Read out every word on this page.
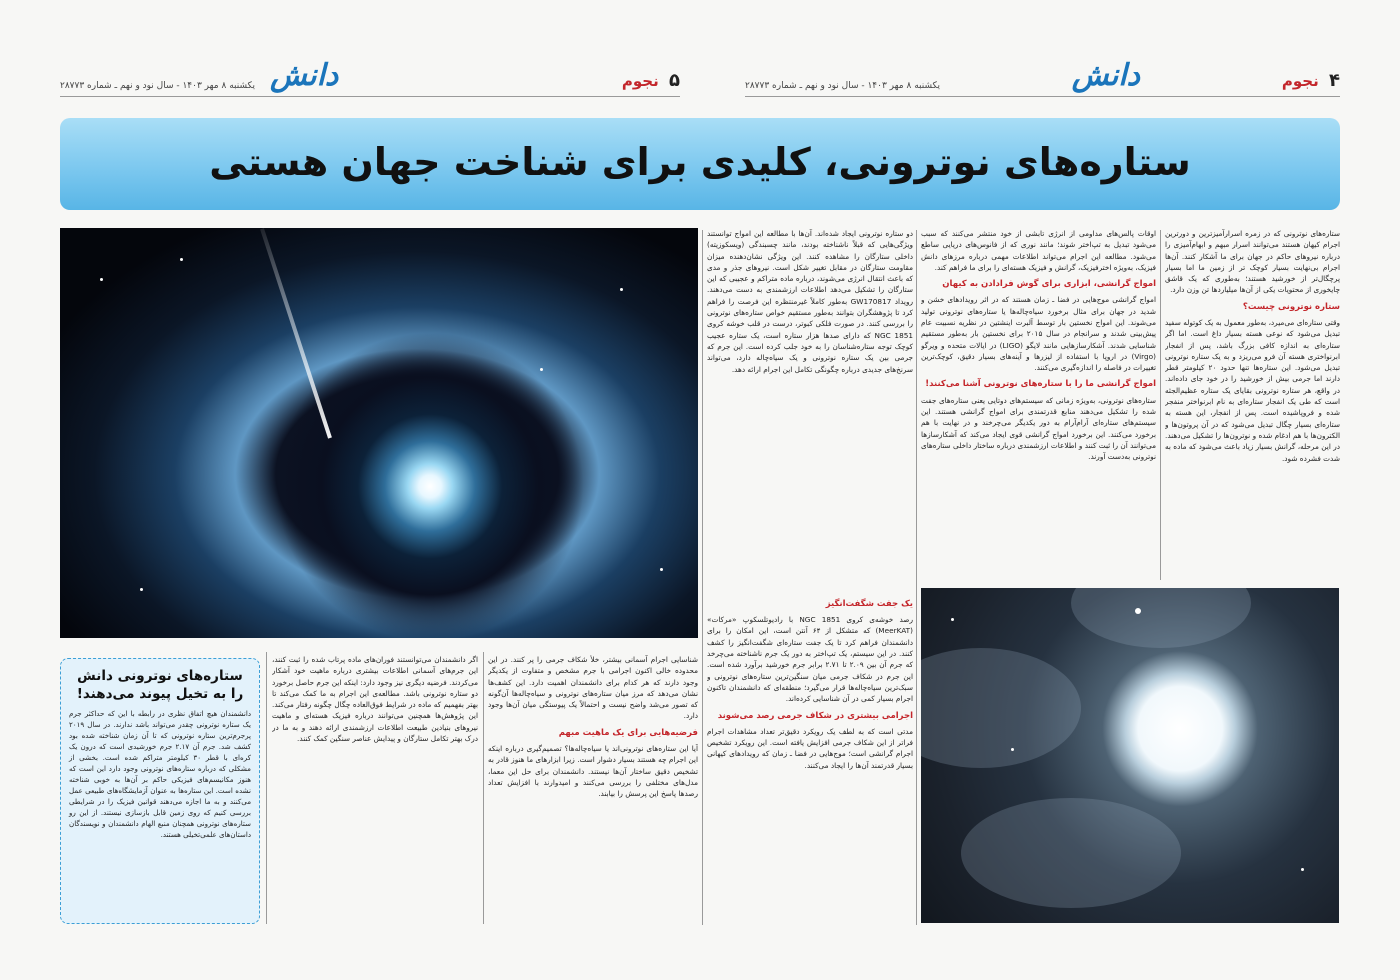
۵ نجوم
دانش
یکشنبه ۸ مهر ۱۴۰۳ - سال نود و نهم ـ شماره ۲۸۷۷۳	۴ نجوم
دانش
یکشنبه ۸ مهر ۱۴۰۳ - سال نود و نهم ـ شماره ۲۸۷۷۳
ستاره‌های نوترونی، کلیدی برای شناخت جهان هستی

ستاره‌های نوترونی که در زمره اسرارآمیزترین و دورترین اجرام کیهان هستند می‌توانند اسرار مبهم و ابهام‌آمیزی را درباره نیروهای حاکم در جهان برای ما آشکار کنند. آن‌ها اجرام بی‌نهایت بسیار کوچک تر از زمین ما اما بسیار پرچگال‌تر از خورشید هستند؛ به‌طوری که یک قاشق چایخوری از محتویات یکی از آن‌ها میلیاردها تن وزن دارد.

ستاره نوترونی چیست؟

وقتی ستاره‌ای می‌میرد، به‌طور معمول به یک کوتوله سفید تبدیل می‌شود که نوعی هسته بسیار داغ است. اما اگر ستاره‌ای به اندازه کافی بزرگ باشد، پس از انفجار ابرنواختری هسته آن فرو می‌ریزد و به یک ستاره نوترونی تبدیل می‌شود. این ستاره‌ها تنها حدود ۲۰ کیلومتر قطر دارند اما جرمی بیش از خورشید را در خود جای داده‌اند. در واقع، هر ستاره نوترونی بقایای یک ستاره عظیم‌الجثه است که طی یک انفجار ستاره‌ای به نام ابرنواختر منفجر شده و فروپاشیده است. پس از انفجار، این هسته به ستاره‌ای بسیار چگال تبدیل می‌شود که در آن پروتون‌ها و الکترون‌ها با هم ادغام شده و نوترون‌ها را تشکیل می‌دهند. در این مرحله، گرانش بسیار زیاد باعث می‌شود که ماده به شدت فشرده شود.

اوقات پالس‌های مداومی از انرژی تابشی از خود منتشر می‌کنند که سبب می‌شود تبدیل به تپ‌اختر شوند؛ مانند نوری که از فانوس‌های دریایی ساطع می‌شود. مطالعه این اجرام می‌تواند اطلاعات مهمی درباره مرزهای دانش فیزیک، به‌ویژه اخترفیزیک، گرانش و فیزیک هسته‌ای را برای ما فراهم کند.

امواج گرانشی، ابزاری برای گوش فرادادن به کیهان

امواج گرانشی موج‌هایی در فضا ـ زمان هستند که در اثر رویدادهای خشن و شدید در جهان برای مثال برخورد سیاه‌چاله‌ها یا ستاره‌های نوترونی تولید می‌شوند. این امواج نخستین بار توسط آلبرت اینشتین در نظریه نسبیت عام پیش‌بینی شدند و سرانجام در سال ۲۰۱۵ برای نخستین بار به‌طور مستقیم شناسایی شدند. آشکارسازهایی مانند لایگو (LIGO) در ایالات متحده و ویرگو (Virgo) در اروپا با استفاده از لیزرها و آینه‌های بسیار دقیق، کوچک‌ترین تغییرات در فاصله را اندازه‌گیری می‌کنند.

امواج گرانشی ما را با ستاره‌های نوترونی آشنا می‌کنند!

ستاره‌های نوترونی، به‌ویژه زمانی که سیستم‌های دوتایی یعنی ستاره‌های جفت شده را تشکیل می‌دهند منابع قدرتمندی برای امواج گرانشی هستند. این سیستم‌های ستاره‌ای آرام‌آرام به دور یکدیگر می‌چرخند و در نهایت با هم برخورد می‌کنند. این برخورد امواج گرانشی قوی ایجاد می‌کند که آشکارسازها می‌توانند آن را ثبت کنند و اطلاعات ارزشمندی درباره ساختار داخلی ستاره‌های نوترونی به‌دست آورند.

دو ستاره نوترونی ایجاد شده‌اند. آن‌ها با مطالعه این امواج توانستند ویژگی‌هایی که قبلاً ناشناخته بودند، مانند چسبندگی (ویسکوزیته) داخلی ستارگان را مشاهده کنند. این ویژگی نشان‌دهنده میزان مقاومت ستارگان در مقابل تغییر شکل است. نیروهای جذر و مدی که باعث انتقال انرژی می‌شوند، درباره ماده متراکم و عجیبی که این ستارگان را تشکیل می‌دهد اطلاعات ارزشمندی به دست می‌دهند. رویداد GW170817 به‌طور کاملاً غیرمنتظره این فرصت را فراهم کرد تا پژوهشگران بتوانند به‌طور مستقیم خواص ستاره‌های نوترونی را بررسی کنند. در صورت فلکی کبوتر، درست در قلب خوشه کروی NGC 1851 که دارای صدها هزار ستاره است، یک ستاره عجیب کوچک توجه ستاره‌شناسان را به خود جلب کرده است. این جرم که جرمی بین یک ستاره نوترونی و یک سیاه‌چاله دارد، می‌تواند سرنخ‌های جدیدی درباره چگونگی تکامل این اجرام ارائه دهد.

یک جفت شگفت‌انگیز

رصد خوشه‌ی کروی NGC 1851 با رادیوتلسکوپ «مرکات» (MeerKAT) که متشکل از ۶۴ آنتن است، این امکان را برای دانشمندان فراهم کرد تا یک جفت ستاره‌ای شگفت‌انگیز را کشف کنند. در این سیستم، یک تپ‌اختر به دور یک جرم ناشناخته می‌چرخد که جرم آن بین ۲.۰۹ تا ۲.۷۱ برابر جرم خورشید برآورد شده است. این جرم در شکاف جرمی میان سنگین‌ترین ستاره‌های نوترونی و سبک‌ترین سیاه‌چاله‌ها قرار می‌گیرد؛ منطقه‌ای که دانشمندان تاکنون اجرام بسیار کمی در آن شناسایی کرده‌اند.

اجرامی بیشتری در شکاف جرمی رصد می‌شوند

مدتی است که به لطف یک رویکرد دقیق‌تر تعداد مشاهدات اجرام فراتر از این شکاف جرمی افزایش یافته است. این رویکرد تشخیص اجرام گرانشی است؛ موج‌هایی در فضا ـ زمان که رویدادهای کیهانی بسیار قدرتمند آن‌ها را ایجاد می‌کنند.

شناسایی اجرام آسمانی بیشتر، خلأ شکاف جرمی را پر کنند. در این محدوده خالی اکنون اجرامی با جرم مشخص و متفاوت از یکدیگر وجود دارند که هر کدام برای دانشمندان اهمیت دارد. این کشف‌ها نشان می‌دهد که مرز میان ستاره‌های نوترونی و سیاه‌چاله‌ها آن‌گونه که تصور می‌شد واضح نیست و احتمالاً یک پیوستگی میان آن‌ها وجود دارد.

فرضیه‌هایی برای یک ماهیت مبهم

آیا این ستاره‌های نوترونی‌اند یا سیاه‌چاله‌ها؟ تصمیم‌گیری درباره اینکه این اجرام چه هستند بسیار دشوار است. زیرا ابزارهای ما هنوز قادر به تشخیص دقیق ساختار آن‌ها نیستند. دانشمندان برای حل این معما، مدل‌های مختلفی را بررسی می‌کنند و امیدوارند با افزایش تعداد رصدها پاسخ این پرسش را بیابند.

اگر دانشمندان می‌توانستند فوران‌های ماده پرتاب شده را ثبت کنند، این جرم‌های آسمانی اطلاعات بیشتری درباره ماهیت خود آشکار می‌کردند. فرضیه دیگری نیز وجود دارد: اینکه این جرم حاصل برخورد دو ستاره نوترونی باشد. مطالعه‌ی این اجرام به ما کمک می‌کند تا بهتر بفهمیم که ماده در شرایط فوق‌العاده چگال چگونه رفتار می‌کند. این پژوهش‌ها همچنین می‌توانند درباره فیزیک هسته‌ای و ماهیت نیروهای بنیادین طبیعت اطلاعات ارزشمندی ارائه دهند و به ما در درک بهتر تکامل ستارگان و پیدایش عناصر سنگین کمک کنند.

ستاره‌های نوترونی دانش را به تخیل پیوند می‌دهند!
دانشمندان هیچ اتفاق نظری در رابطه با این که حداکثر جرم یک ستاره نوترونی چقدر می‌تواند باشد ندارند. در سال ۲۰۱۹ پرجرم‌ترین ستاره نوترونی که تا آن زمان شناخته شده بود کشف شد. جرم آن ۲.۱۷ جرم خورشیدی است که درون یک کره‌ای با قطر ۳۰ کیلومتر متراکم شده است. بخشی از مشکلی که درباره ستاره‌های نوترونی وجود دارد این است که هنوز مکانیسم‌های فیزیکی حاکم بر آن‌ها به خوبی شناخته نشده است. این ستاره‌ها به عنوان آزمایشگاه‌های طبیعی عمل می‌کنند و به ما اجازه می‌دهند قوانین فیزیک را در شرایطی بررسی کنیم که روی زمین قابل بازسازی نیستند. از این رو ستاره‌های نوترونی همچنان منبع الهام دانشمندان و نویسندگان داستان‌های علمی‌تخیلی هستند.
